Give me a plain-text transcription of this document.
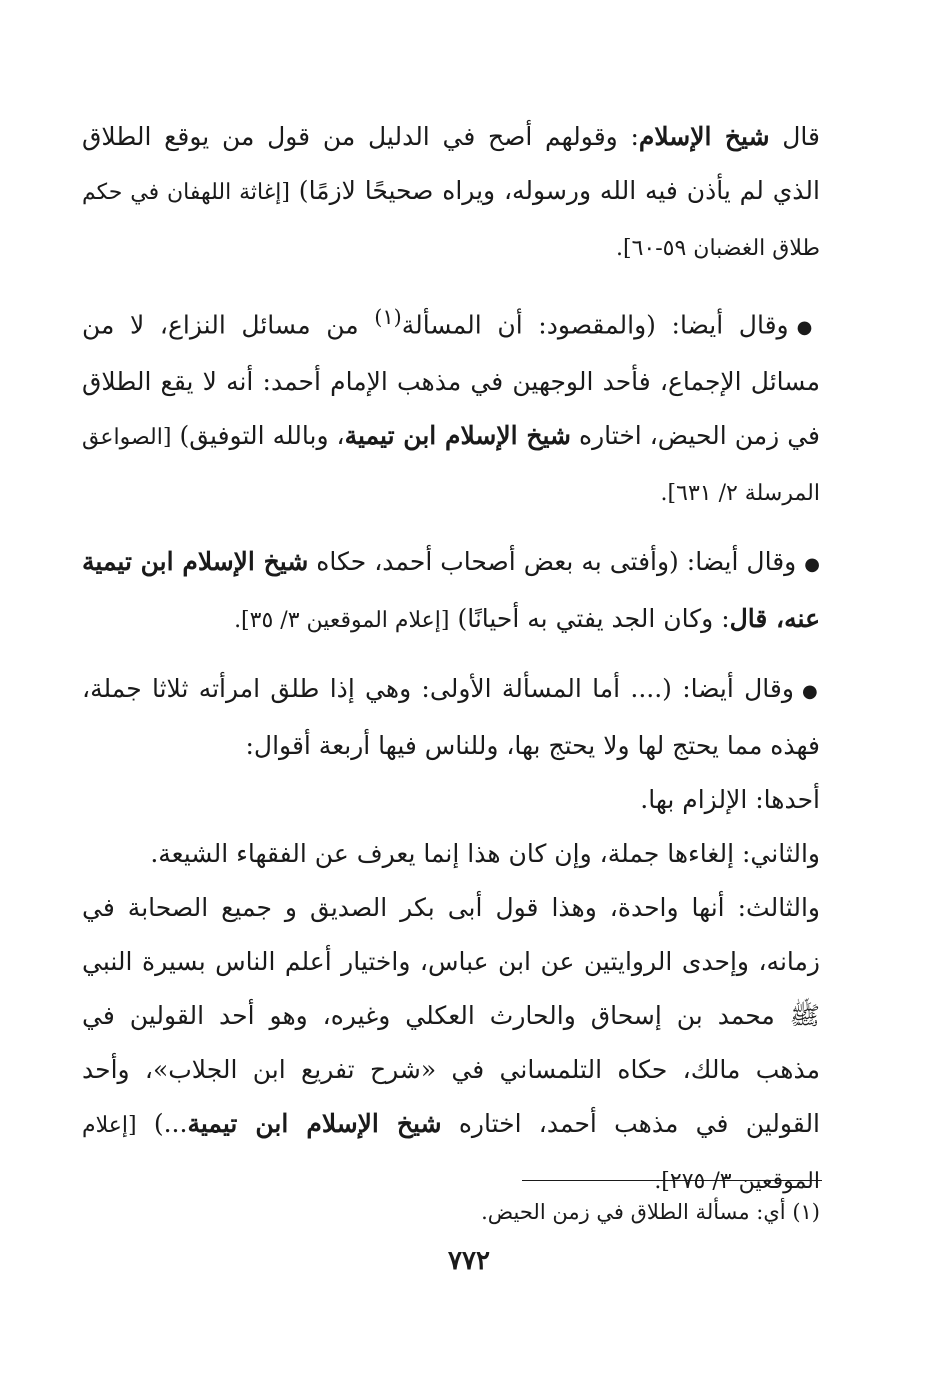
قال شيخ الإسلام: وقولهم أصح في الدليل من قول من يوقع الطلاق الذي لم يأذن فيه الله ورسوله، ويراه صحيحًا لازمًا) [إغاثة اللهفان في حكم طلاق الغضبان ٥٩-٦٠].

●وقال أيضا: (والمقصود: أن المسألة$^{(١)}$ من مسائل النزاع، لا من مسائل الإجماع، فأحد الوجهين في مذهب الإمام أحمد: أنه لا يقع الطلاق في زمن الحيض، اختاره شيخ الإسلام ابن تيمية، وبالله التوفيق) [الصواعق المرسلة ٢/ ٦٣١].

●وقال أيضا: (وأفتى به بعض أصحاب أحمد، حكاه شيخ الإسلام ابن تيمية عنه، قال: وكان الجد يفتي به أحيانًا) [إعلام الموقعين ٣/ ٣٥].

●وقال أيضا: (.... أما المسألة الأولى: وهي إذا طلق امرأته ثلاثا جملة، فهذه مما يحتج لها ولا يحتج بها، وللناس فيها أربعة أقوال:

أحدها: الإلزام بها.

والثاني: إلغاءها جملة، وإن كان هذا إنما يعرف عن الفقهاء الشيعة.

والثالث: أنها واحدة، وهذا قول أبى بكر الصديق و جميع الصحابة في زمانه، وإحدى الروايتين عن ابن عباس، واختيار أعلم الناس بسيرة النبي ﷺ محمد بن إسحاق والحارث العكلي وغيره، وهو أحد القولين في مذهب مالك، حكاه التلمساني في «شرح تفريع ابن الجلاب»، وأحد القولين في مذهب أحمد، اختاره شيخ الإسلام ابن تيمية...) [إعلام الموقعين ٣/ ٢٧٥].

(١) أي: مسألة الطلاق في زمن الحيض.
٧٧٢
